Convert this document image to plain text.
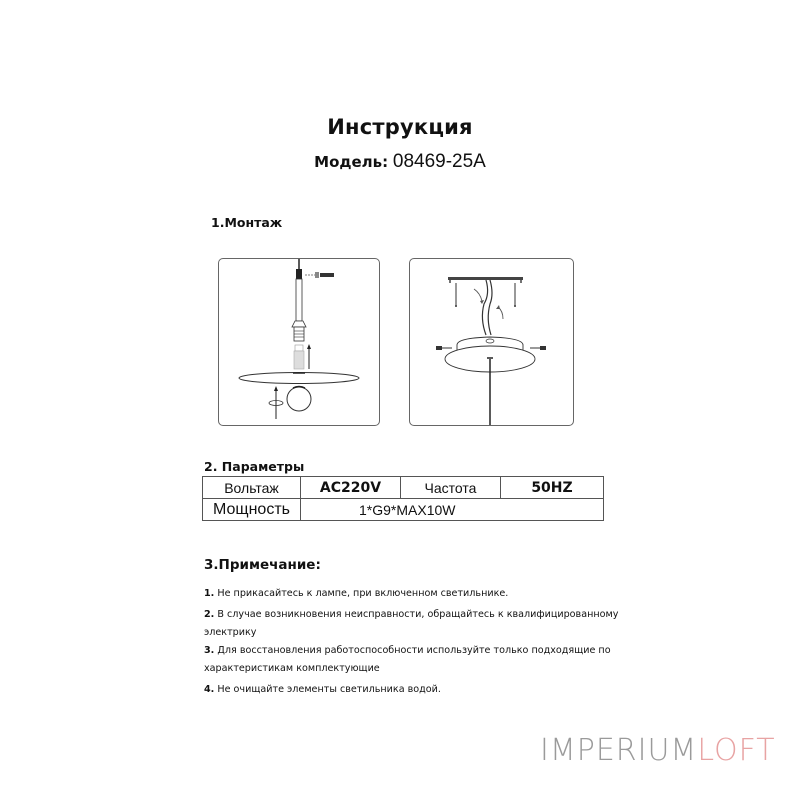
Инструкция
Модель: 08469-25A
1.Монтаж
2. Параметры
Вольтаж	AC220V	Частота	50HZ
Мощность	1*G9*MAX10W		
3.Примечание:
1. Не прикасайтесь к лампе, при включенном светильнике.
2. В случае возникновения неисправности, обращайтесь к квалифицированному электрику
3. Для восстановления работоспособности используйте только подходящие по характеристикам комплектующие
4. Не очищайте элементы светильника водой.
IMPERIUMLOFT
